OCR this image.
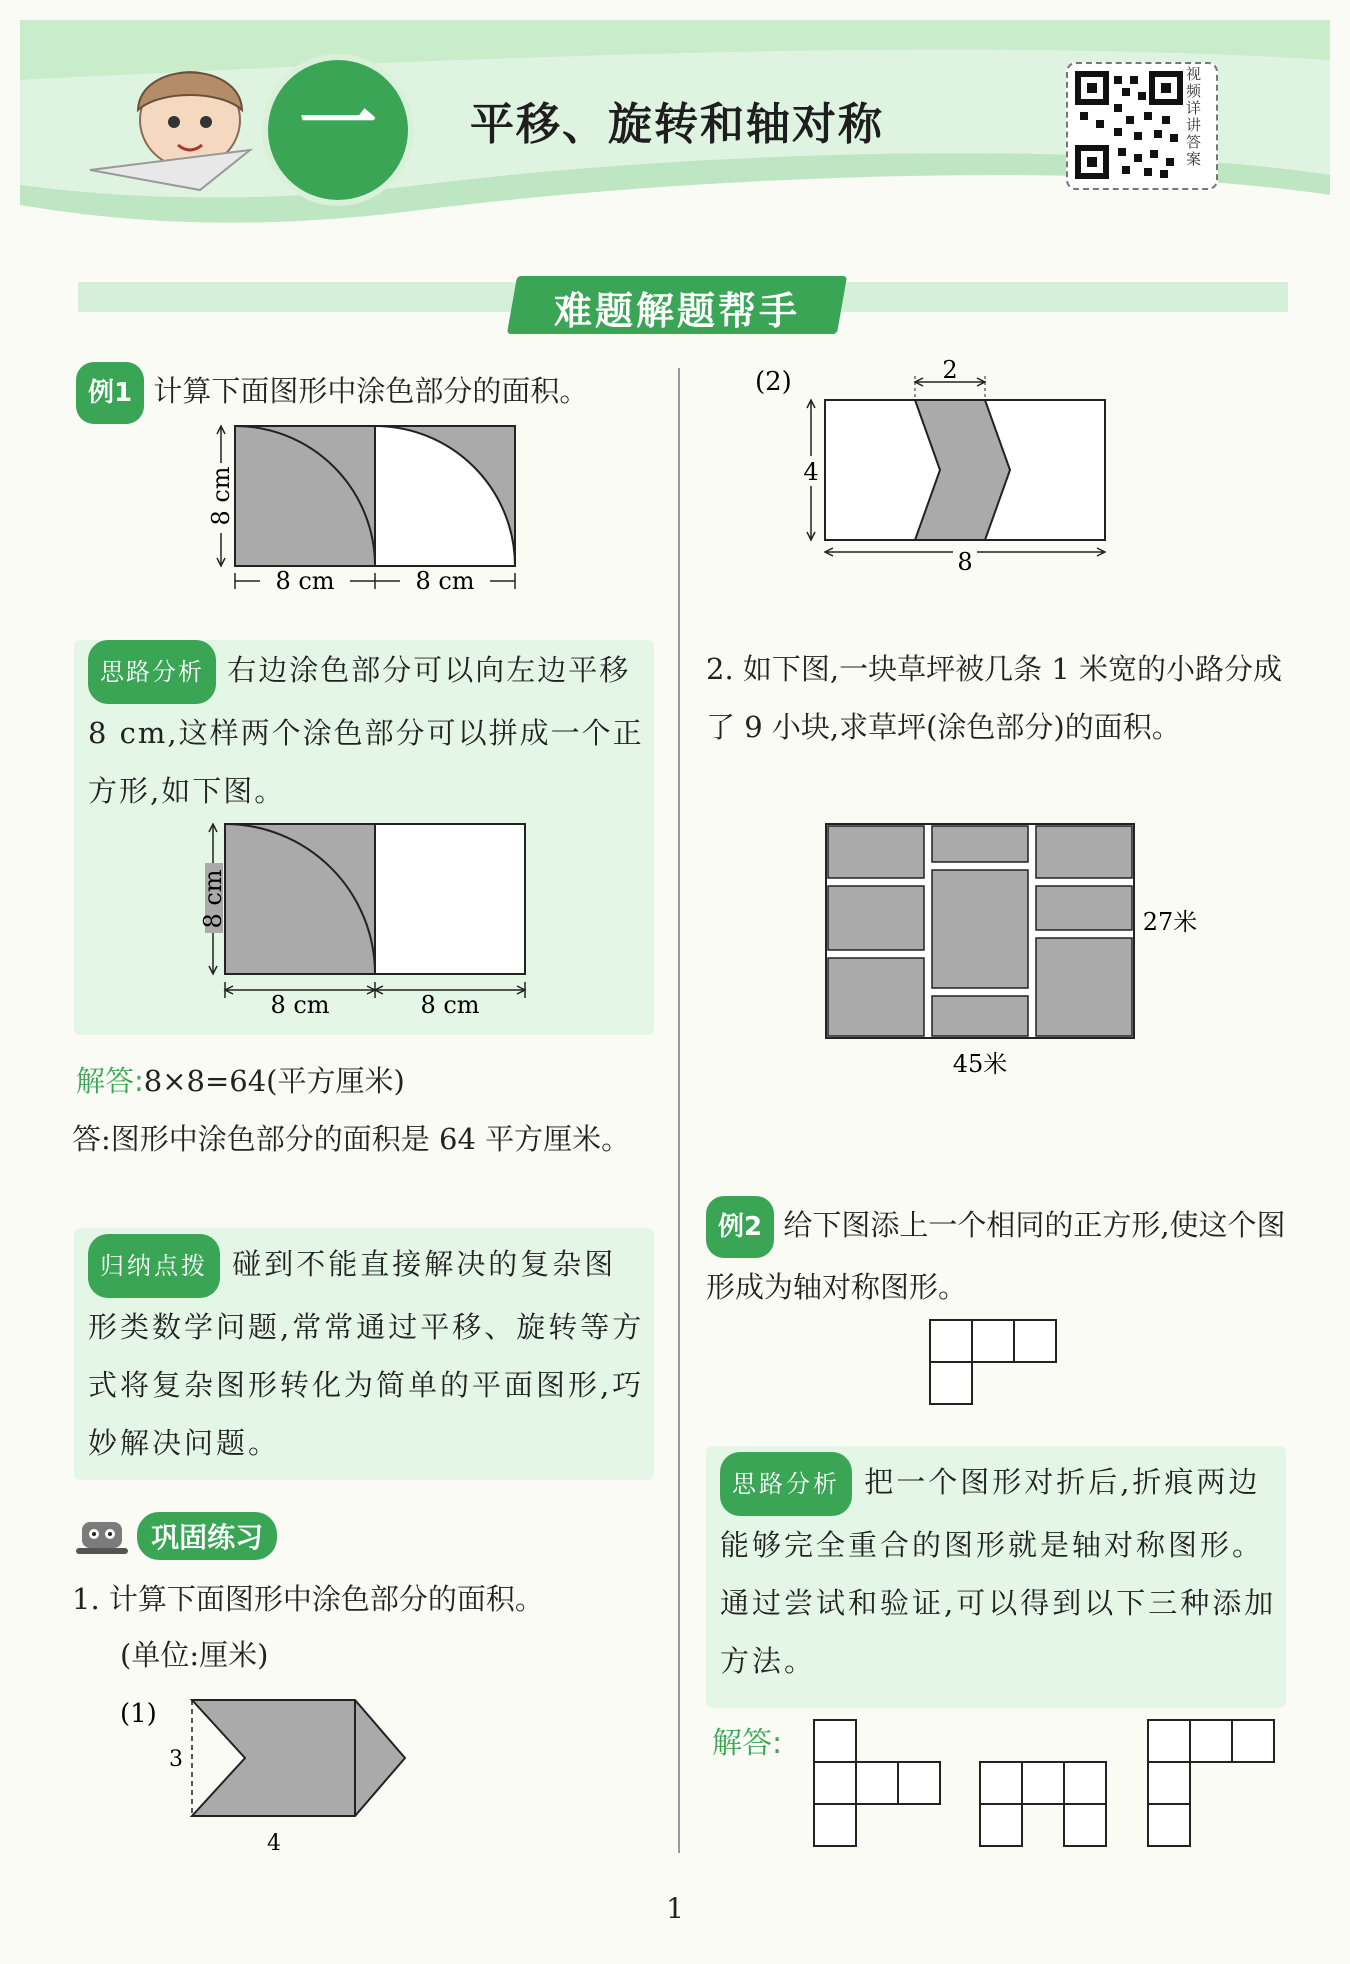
一	平移、旋转和轴对称
视频详讲答案
难题解题帮手
例1 计算下面图形中涂色部分的面积。
8 cm	8 cm
8 cm
思路分析 右边涂色部分可以向左边平移 8 cm,这样两个涂色部分可以拼成一个正方形,如下图。
8 cm	8 cm
8 cm
解答:8×8=64(平方厘米)
答:图形中涂色部分的面积是 64 平方厘米。
归纳点拨 碰到不能直接解决的复杂图形类数学问题,常常通过平移、旋转等方式将复杂图形转化为简单的平面图形,巧妙解决问题。
巩固练习
1. 计算下面图形中涂色部分的面积。
(单位:厘米)
(1)
3
4
(2)	2
4
8
2. 如下图,一块草坪被几条 1 米宽的小路分成了 9 小块,求草坪(涂色部分)的面积。
27米
45米
例2 给下图添上一个相同的正方形,使这个图形成为轴对称图形。
思路分析 把一个图形对折后,折痕两边能够完全重合的图形就是轴对称图形。通过尝试和验证,可以得到以下三种添加方法。
解答:
1
